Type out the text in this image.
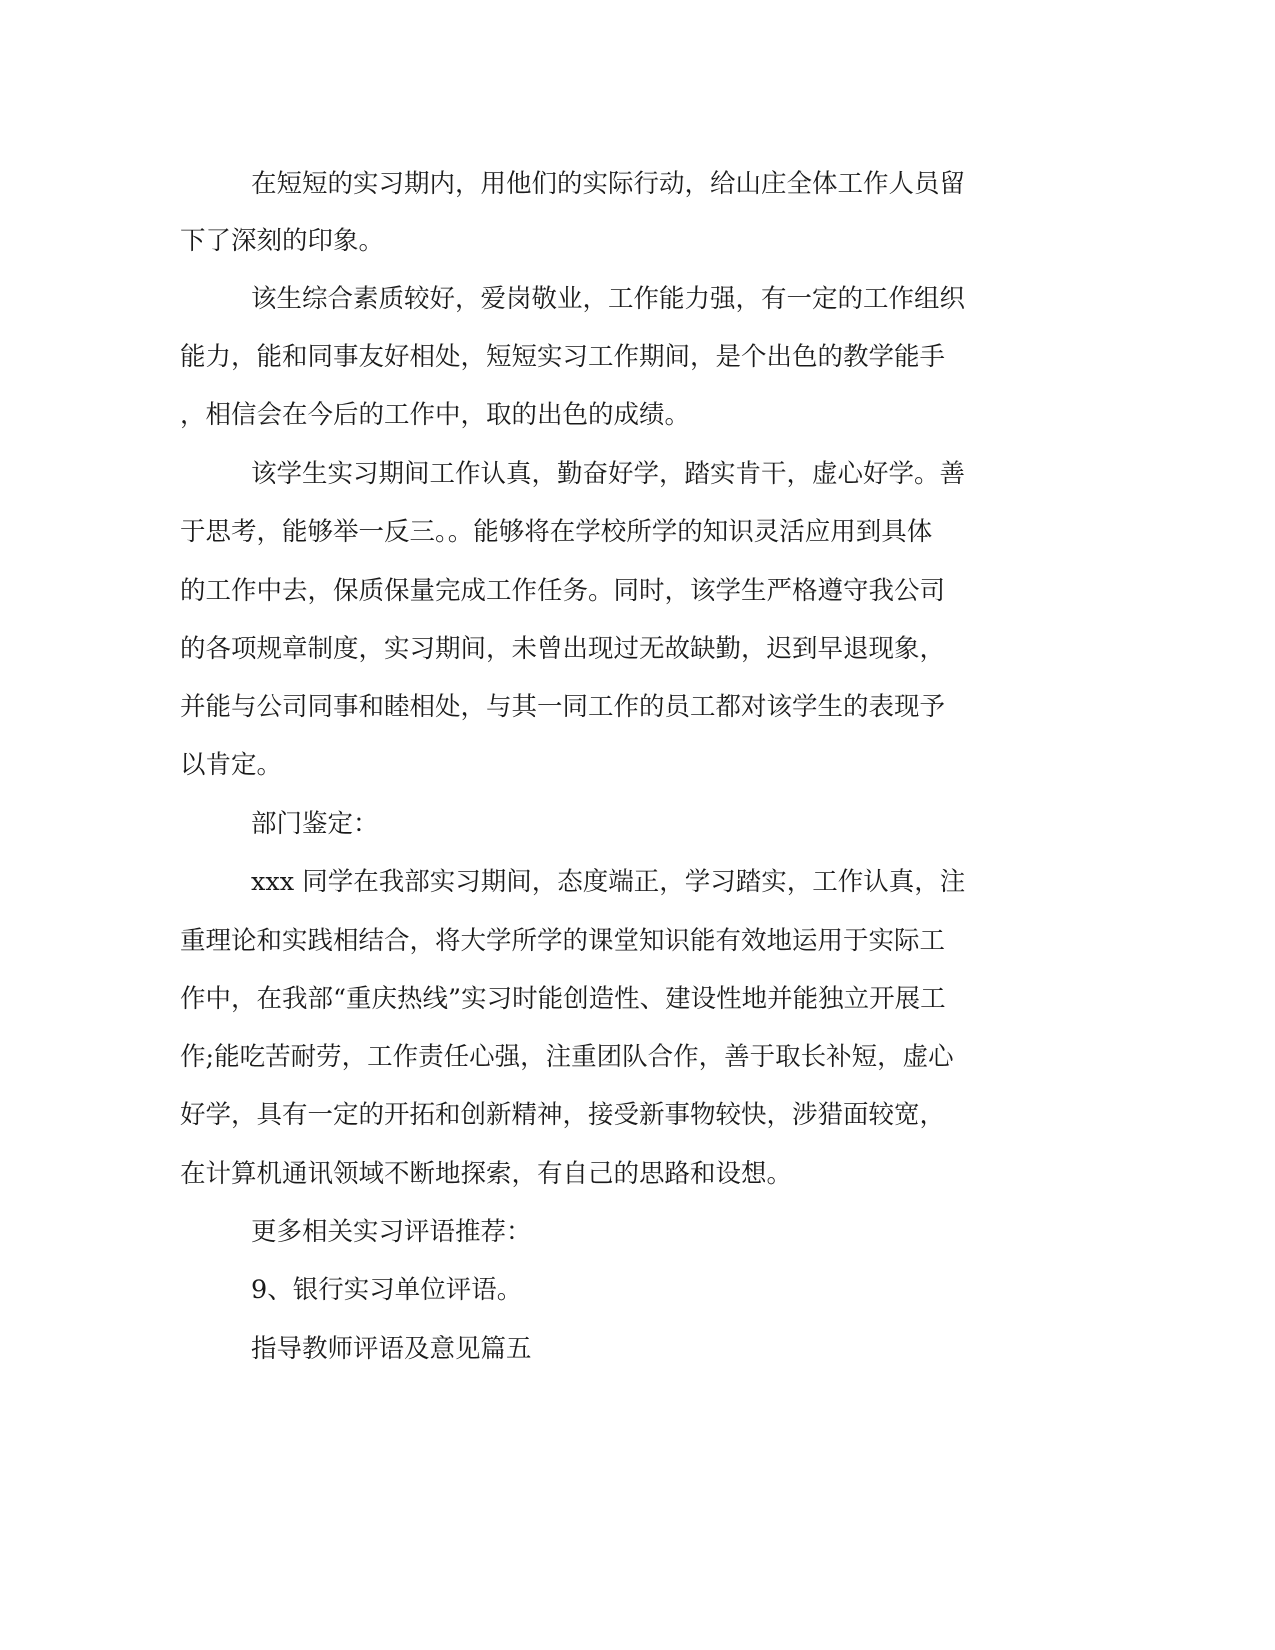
在短短的实习期内，用他们的实际行动，给山庄全体工作人员留

下了深刻的印象。

该生综合素质较好，爱岗敬业，工作能力强，有一定的工作组织

能力，能和同事友好相处，短短实习工作期间，是个出色的教学能手

，相信会在今后的工作中，取的出色的成绩。

该学生实习期间工作认真，勤奋好学，踏实肯干，虚心好学。善

于思考，能够举一反三。。能够将在学校所学的知识灵活应用到具体

的工作中去，保质保量完成工作任务。同时，该学生严格遵守我公司

的各项规章制度，实习期间，未曾出现过无故缺勤，迟到早退现象，

并能与公司同事和睦相处，与其一同工作的员工都对该学生的表现予

以肯定。

部门鉴定：

xxx 同学在我部实习期间，态度端正，学习踏实，工作认真，注

重理论和实践相结合，将大学所学的课堂知识能有效地运用于实际工

作中，在我部“重庆热线”实习时能创造性、建设性地并能独立开展工

作;能吃苦耐劳，工作责任心强，注重团队合作，善于取长补短，虚心

好学，具有一定的开拓和创新精神，接受新事物较快，涉猎面较宽，

在计算机通讯领域不断地探索，有自己的思路和设想。

更多相关实习评语推荐：

9、银行实习单位评语。

指导教师评语及意见篇五
